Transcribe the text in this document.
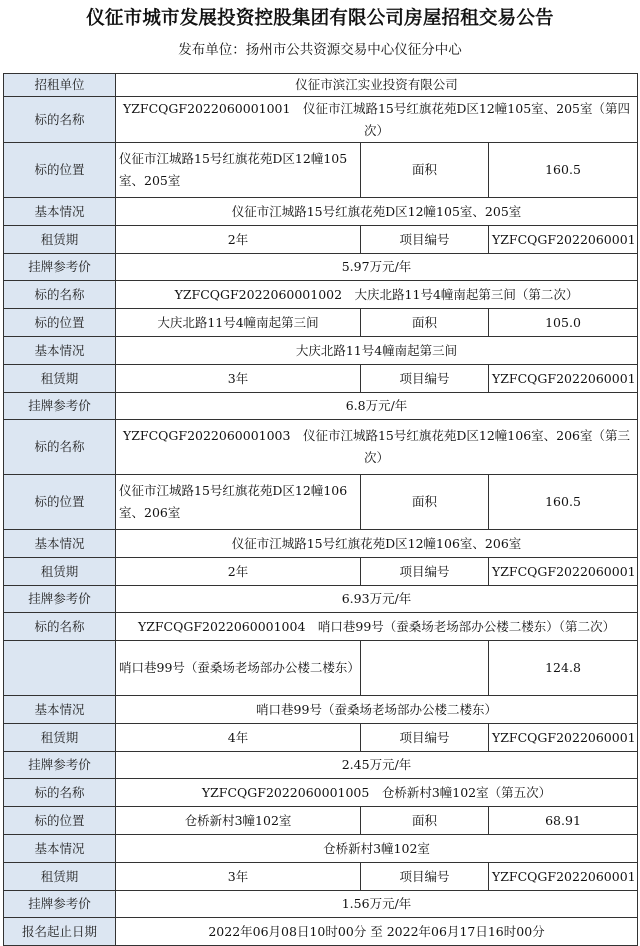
仪征市城市发展投资控股集团有限公司房屋招租交易公告
发布单位：扬州市公共资源交易中心仪征分中心
招租单位	仪征市滨江实业投资有限公司		
标的名称	YZFCQGF2022060001001　仪征市江城路15号红旗花苑D区12幢105室、205室（第四次）		
标的位置	仪征市江城路15号红旗花苑D区12幢105室、205室	面积	160.5
基本情况	仪征市江城路15号红旗花苑D区12幢105室、205室		
租赁期	2年	项目编号	YZFCQGF2022060001
挂牌参考价	5.97万元/年		
标的名称	YZFCQGF2022060001002　大庆北路11号4幢南起第三间（第二次）		
标的位置	大庆北路11号4幢南起第三间	面积	105.0
基本情况	大庆北路11号4幢南起第三间		
租赁期	3年	项目编号	YZFCQGF2022060001
挂牌参考价	6.8万元/年		
标的名称	YZFCQGF2022060001003　仪征市江城路15号红旗花苑D区12幢106室、206室（第三次）		
标的位置	仪征市江城路15号红旗花苑D区12幢106室、206室	面积	160.5
基本情况	仪征市江城路15号红旗花苑D区12幢106室、206室		
租赁期	2年	项目编号	YZFCQGF2022060001
挂牌参考价	6.93万元/年		
标的名称	YZFCQGF2022060001004　哨口巷99号（蚕桑场老场部办公楼二楼东）（第二次）		
	哨口巷99号（蚕桑场老场部办公楼二楼东）		124.8
基本情况	哨口巷99号（蚕桑场老场部办公楼二楼东）		
租赁期	4年	项目编号	YZFCQGF2022060001
挂牌参考价	2.45万元/年		
标的名称	YZFCQGF2022060001005　仓桥新村3幢102室（第五次）		
标的位置	仓桥新村3幢102室	面积	68.91
基本情况	仓桥新村3幢102室		
租赁期	3年	项目编号	YZFCQGF2022060001
挂牌参考价	1.56万元/年		
报名起止日期	2022年06月08日10时00分 至 2022年06月17日16时00分		
